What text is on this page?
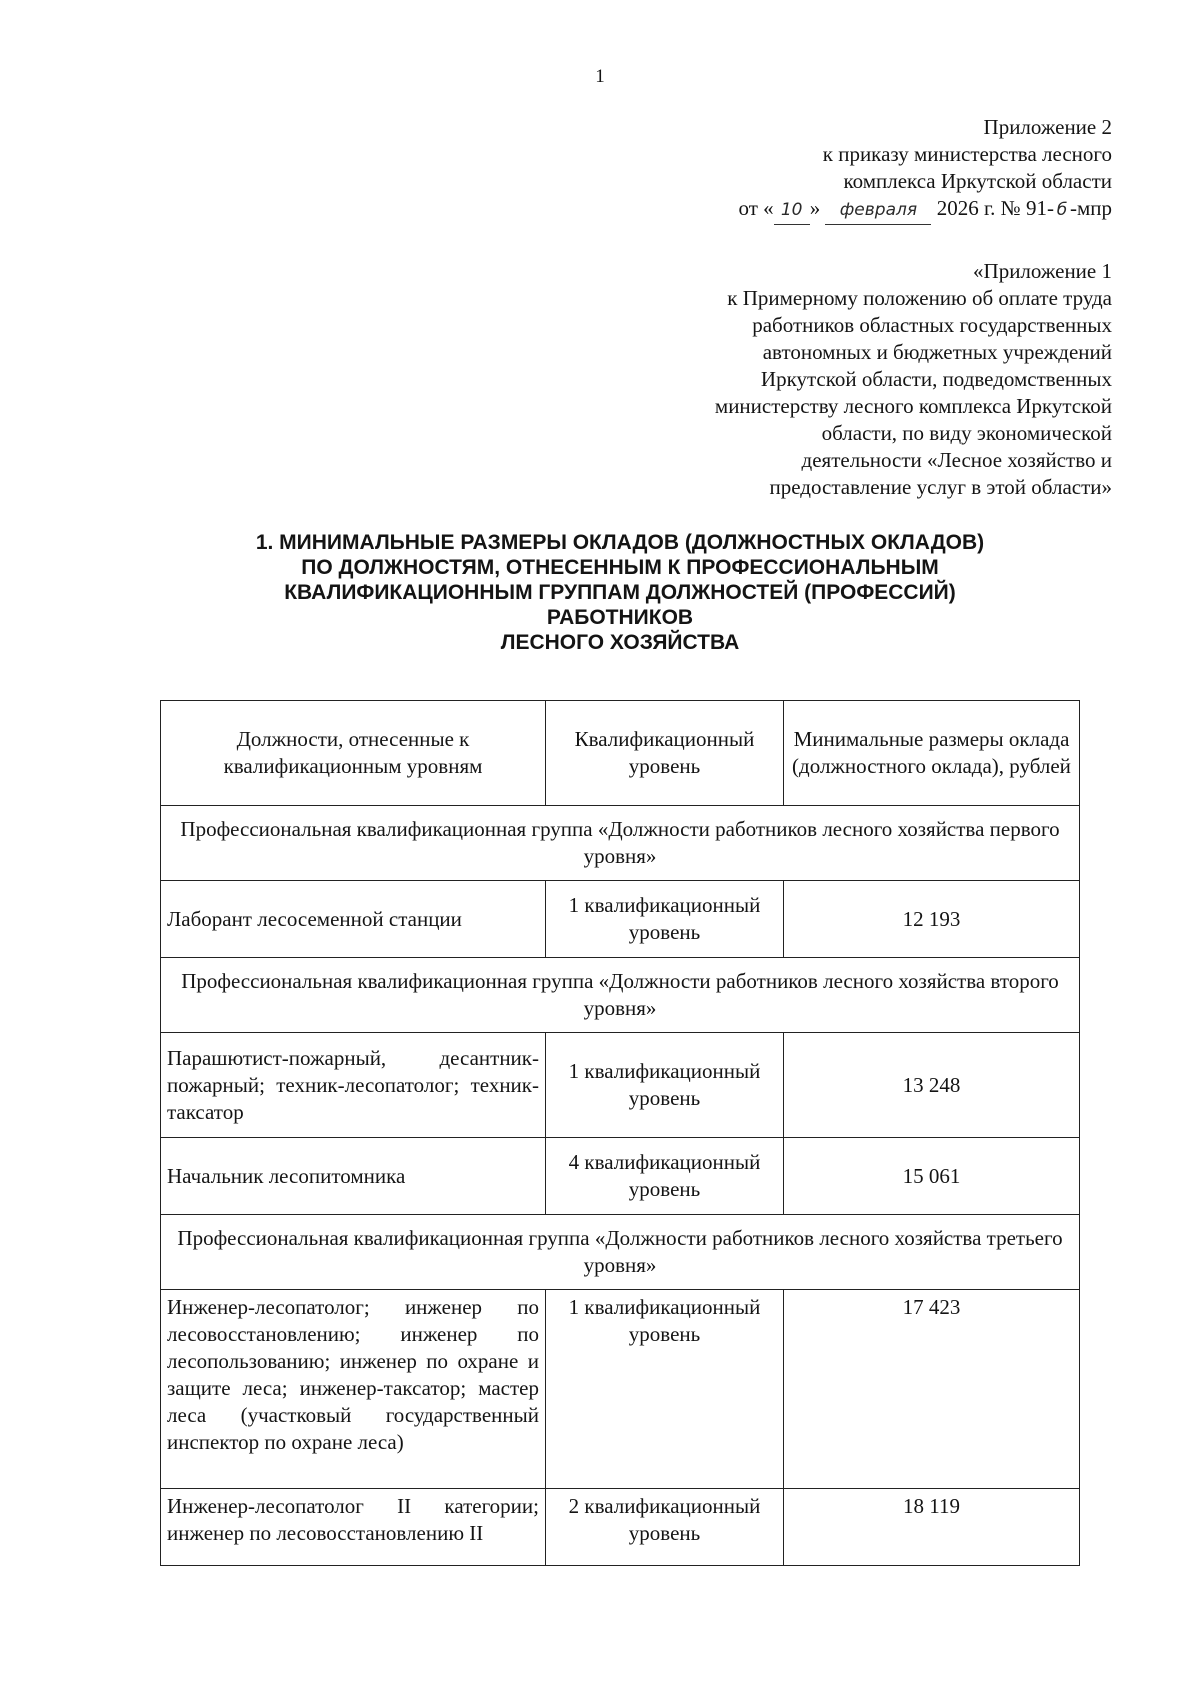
1
Приложение 2
к приказу министерства лесного
комплекса Иркутской области
от « 10 » февраля 2026 г. № 91- б -мпр
«Приложение 1
к Примерному положению об оплате труда
работников областных государственных
автономных и бюджетных учреждений
Иркутской области, подведомственных
министерству лесного комплекса Иркутской
области, по виду экономической
деятельности «Лесное хозяйство и
предоставление услуг в этой области»
1. МИНИМАЛЬНЫЕ РАЗМЕРЫ ОКЛАДОВ (ДОЛЖНОСТНЫХ ОКЛАДОВ)
ПО ДОЛЖНОСТЯМ, ОТНЕСЕННЫМ К ПРОФЕССИОНАЛЬНЫМ
КВАЛИФИКАЦИОННЫМ ГРУППАМ ДОЛЖНОСТЕЙ (ПРОФЕССИЙ)
РАБОТНИКОВ
ЛЕСНОГО ХОЗЯЙСТВА
Должности, отнесенные к квалификационным уровням	Квалификационный уровень	Минимальные размеры оклада (должностного оклада), рублей
Профессиональная квалификационная группа «Должности работников лесного хозяйства первого уровня»		
Лаборант лесосеменной станции	1 квалификационный уровень	12 193
Профессиональная квалификационная группа «Должности работников лесного хозяйства второго уровня»		
Парашютист-пожарный, десантник-пожарный; техник-лесопатолог; техник-таксатор	1 квалификационный уровень	13 248
Начальник лесопитомника	4 квалификационный уровень	15 061
Профессиональная квалификационная группа «Должности работников лесного хозяйства третьего уровня»		
Инженер-лесопатолог; инженер по лесовосстановлению; инженер по лесопользованию; инженер по охране и защите леса; инженер-таксатор; мастер леса (участковый государственный инспектор по охране леса)	1 квалификационный уровень	17 423
Инженер-лесопатолог II категории; инженер по лесовосстановлению II	2 квалификационный уровень	18 119
